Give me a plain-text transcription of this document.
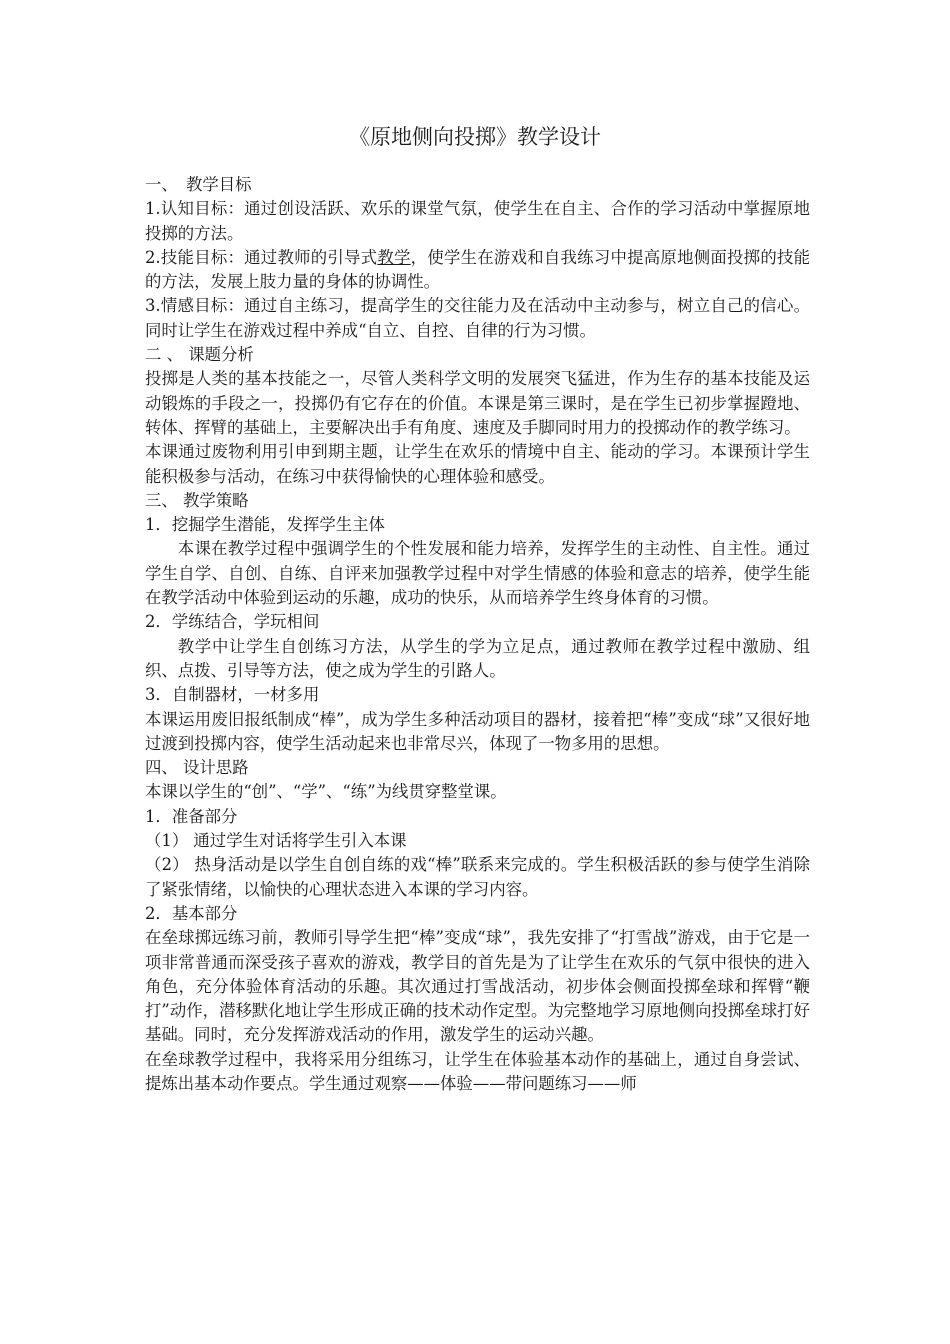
《原地侧向投掷》教学设计

一、　教学目标

1.认知目标：通过创设活跃、欢乐的课堂气氛，使学生在自主、合作的学习活动中掌握原地投掷的方法。

2.技能目标：通过教师的引导式教学，使学生在游戏和自我练习中提高原地侧面投掷的技能的方法，发展上肢力量的身体的协调性。

3.情感目标：通过自主练习，提高学生的交往能力及在活动中主动参与，树立自己的信心。同时让学生在游戏过程中养成“自立、自控、自律的行为习惯。

二 、 课题分析

投掷是人类的基本技能之一，尽管人类科学文明的发展突飞猛进，作为生存的基本技能及运动锻炼的手段之一，投掷仍有它存在的价值。本课是第三课时，是在学生已初步掌握蹬地、转体、挥臂的基础上，主要解决出手有角度、速度及手脚同时用力的投掷动作的教学练习。

本课通过废物利用引申到期主题，让学生在欢乐的情境中自主、能动的学习。本课预计学生能积极参与活动，在练习中获得愉快的心理体验和感受。

三、 教学策略

1．挖掘学生潜能，发挥学生主体

本课在教学过程中强调学生的个性发展和能力培养，发挥学生的主动性、自主性。通过学生自学、自创、自练、自评来加强教学过程中对学生情感的体验和意志的培养，使学生能在教学活动中体验到运动的乐趣，成功的快乐，从而培养学生终身体育的习惯。

2．学练结合，学玩相间

教学中让学生自创练习方法，从学生的学为立足点，通过教师在教学过程中激励、组织、点拨、引导等方法，使之成为学生的引路人。

3．自制器材，一材多用

本课运用废旧报纸制成“棒”，成为学生多种活动项目的器材，接着把“棒”变成“球”又很好地过渡到投掷内容，使学生活动起来也非常尽兴，体现了一物多用的思想。

四、 设计思路

本课以学生的“创”、“学”、“练”为线贯穿整堂课。

1．准备部分

（1） 通过学生对话将学生引入本课

（2） 热身活动是以学生自创自练的戏“棒”联系来完成的。学生积极活跃的参与使学生消除了紧张情绪，以愉快的心理状态进入本课的学习内容。

2．基本部分

在垒球掷远练习前，教师引导学生把“棒”变成“球”，我先安排了“打雪战”游戏，由于它是一项非常普通而深受孩子喜欢的游戏，教学目的首先是为了让学生在欢乐的气氛中很快的进入角色，充分体验体育活动的乐趣。其次通过打雪战活动，初步体会侧面投掷垒球和挥臂“鞭打”动作，潜移默化地让学生形成正确的技术动作定型。为完整地学习原地侧向投掷垒球打好基础。同时，充分发挥游戏活动的作用，激发学生的运动兴趣。

在垒球教学过程中，我将采用分组练习，让学生在体验基本动作的基础上，通过自身尝试、提炼出基本动作要点。学生通过观察——体验——带问题练习——师
